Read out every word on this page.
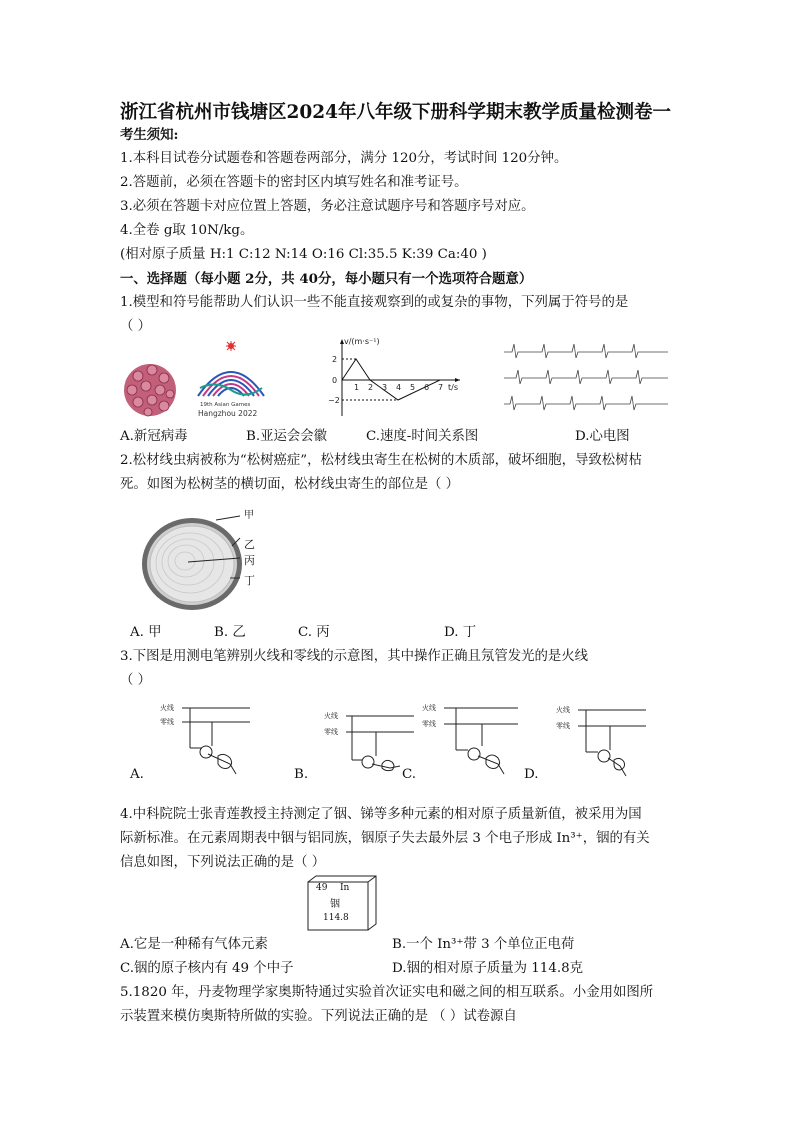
浙江省杭州市钱塘区2024年八年级下册科学期末教学质量检测卷一
考生须知:
1.本科目试卷分试题卷和答题卷两部分，满分 120分，考试时间 120分钟。
2.答题前，必须在答题卡的密封区内填写姓名和准考证号。
3.必须在答题卡对应位置上答题，务必注意试题序号和答题序号对应。
4.全卷 g取 10N/kg。
(相对原子质量 H:1 C:12 N:14 O:16 Cl:35.5 K:39 Ca:40 )
一、选择题（每小题 2分，共 40分，每小题只有一个选项符合题意）
1.模型和符号能帮助人们认识一些不能直接观察到的或复杂的事物，下列属于符号的是
（ ）
19th Asian Games
Hangzhou 2022
v/(m·s⁻¹)
t/s
2
0
−2
1 2 3 4 5 6 7
A.新冠病毒	B.亚运会会徽	C.速度-时间关系图	D.心电图
2.松材线虫病被称为“松树癌症”，松材线虫寄生在松树的木质部，破坏细胞，导致松树枯
死。如图为松树茎的横切面，松材线虫寄生的部位是（ ）
甲
乙
丙
丁
A. 甲	B. 乙	C. 丙	D. 丁
3.下图是用测电笔辨别火线和零线的示意图，其中操作正确且氖管发光的是火线
（ ）
火线
零线
火线
零线
火线
零线
火线
零线
A.	B.	C.	D.
4.中科院院士张青莲教授主持测定了铟、锑等多种元素的相对原子质量新值，被采用为国
际新标准。在元素周期表中铟与铝同族，铟原子失去最外层 3 个电子形成 In³⁺，铟的有关
信息如图，下列说法正确的是（ ）
49 In
铟
114.8
A.它是一种稀有气体元素	B.一个 In³⁺带 3 个单位正电荷
C.铟的原子核内有 49 个中子	D.铟的相对原子质量为 114.8克
5.1820 年，丹麦物理学家奥斯特通过实验首次证实电和磁之间的相互联系。小金用如图所
示装置来模仿奥斯特所做的实验。下列说法正确的是 （ ）试卷源自
